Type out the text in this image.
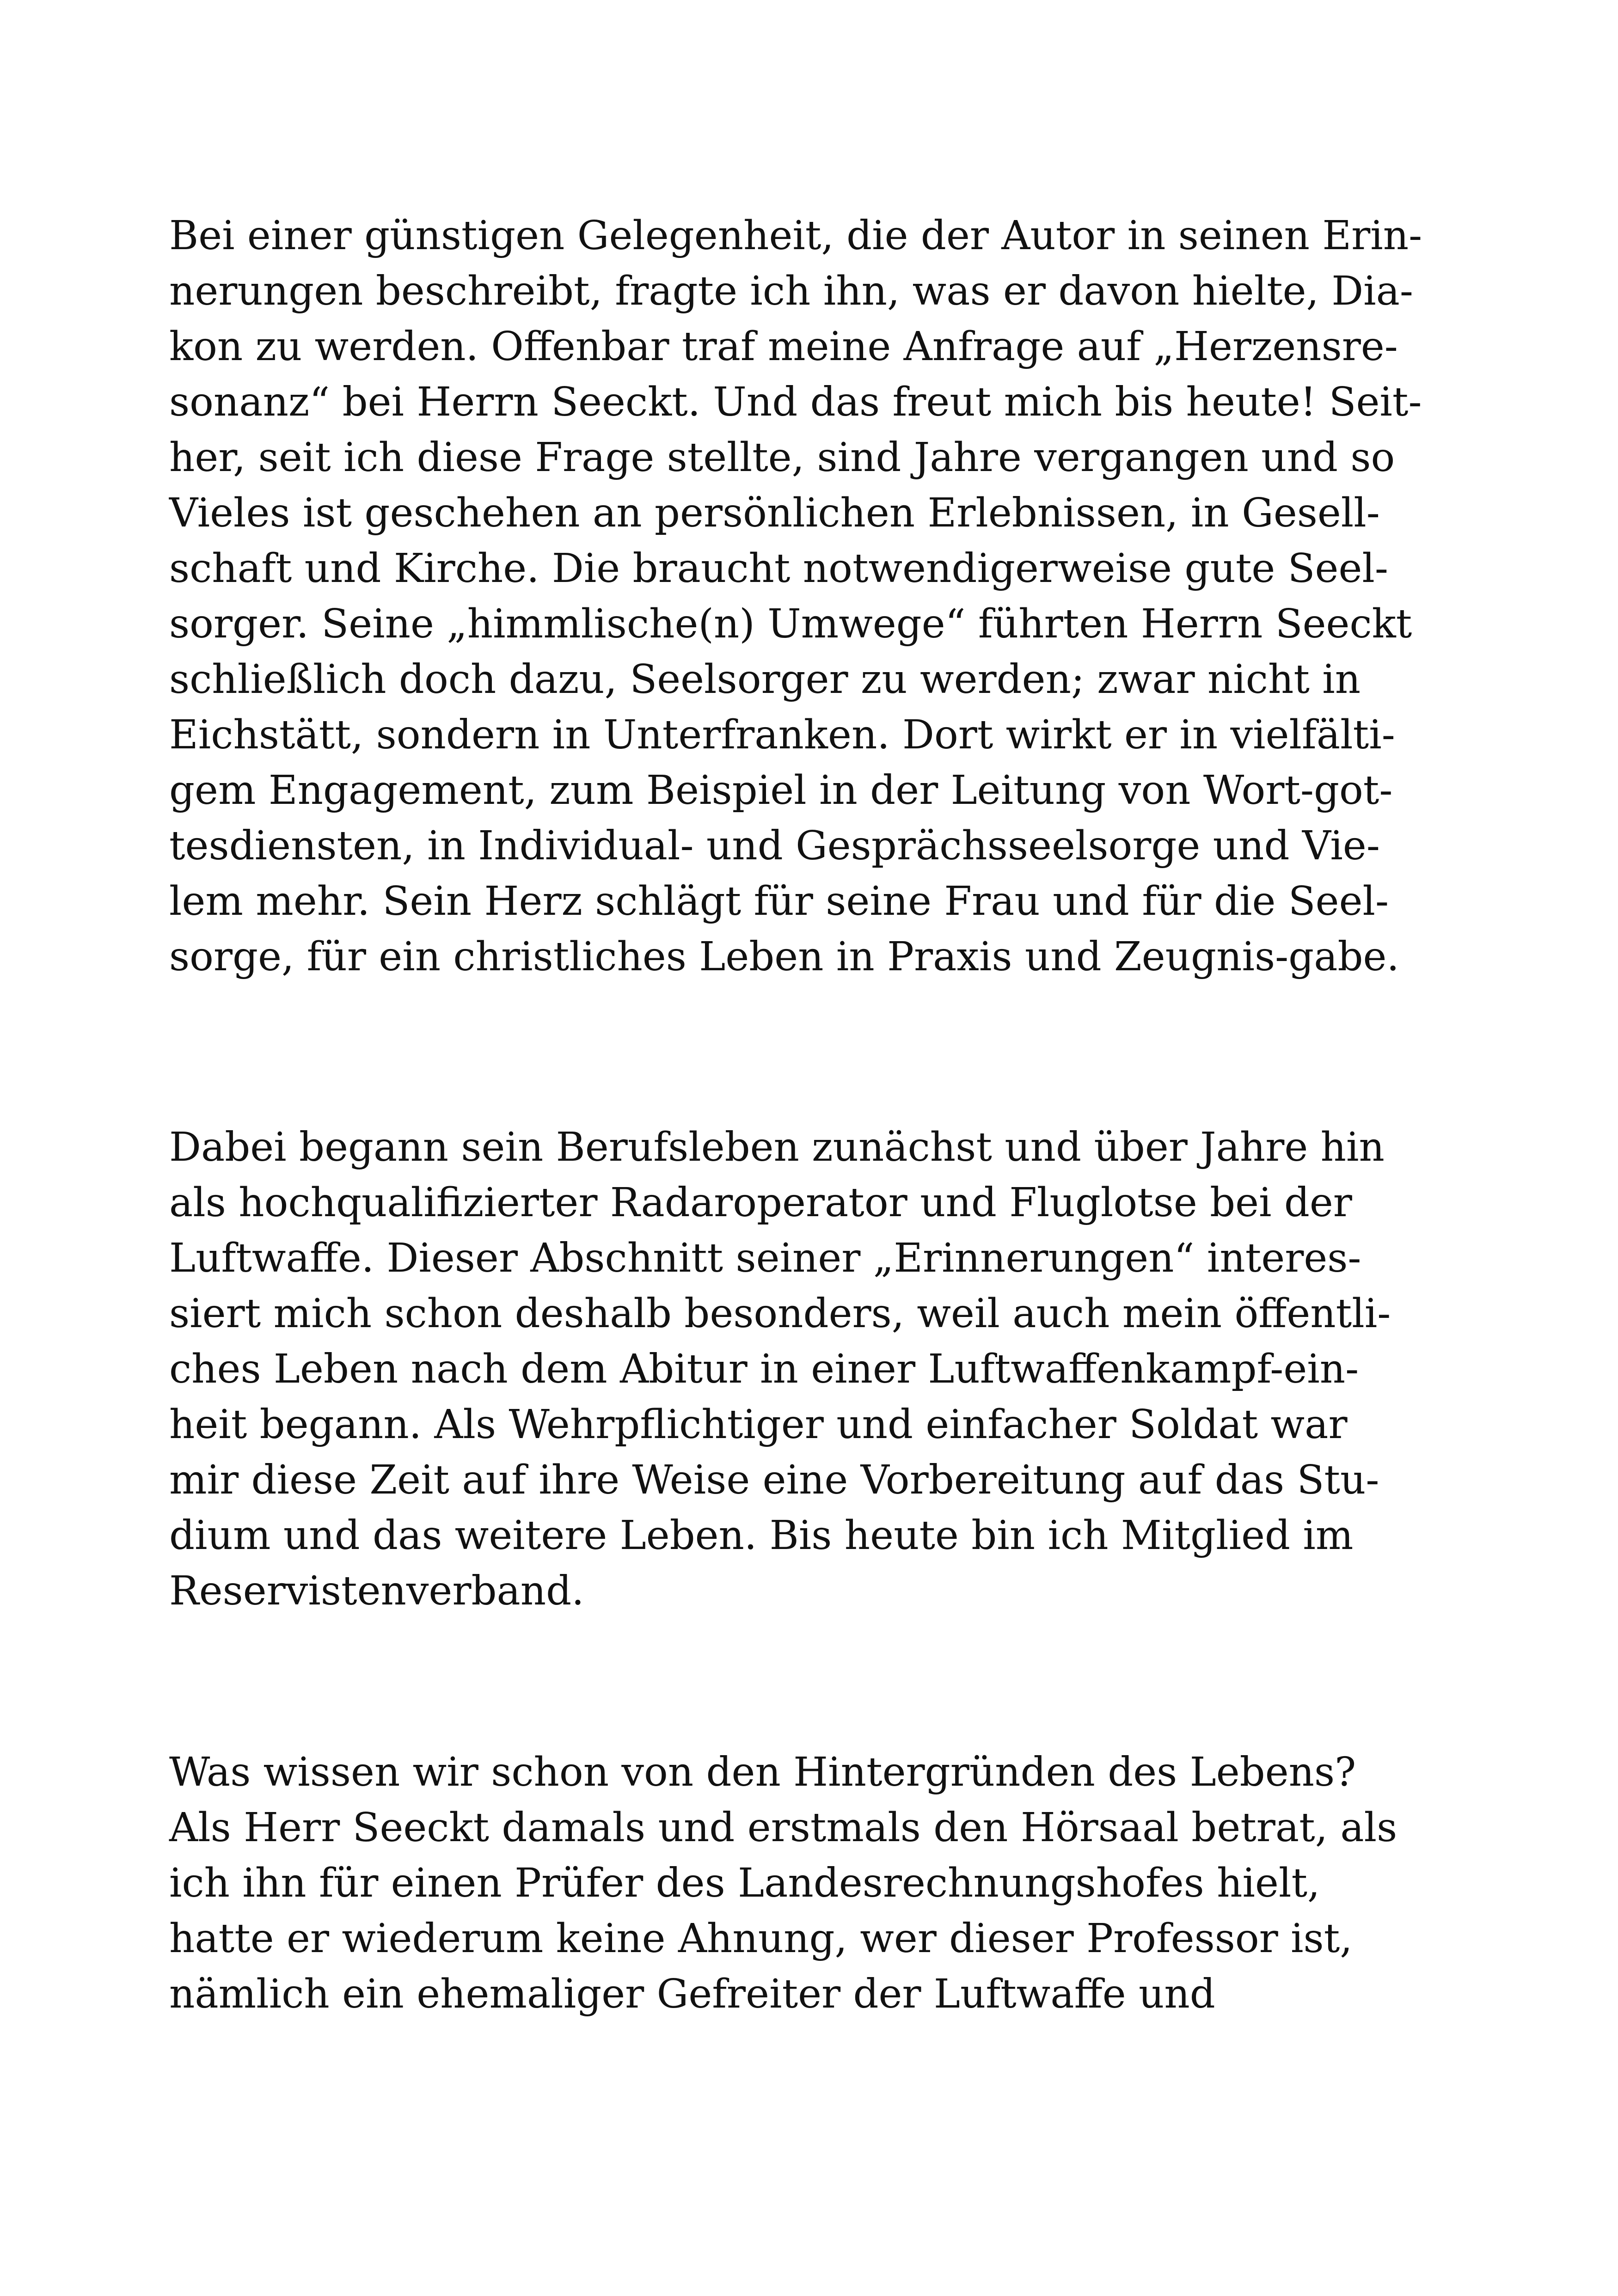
Bei einer günstigen Gelegenheit, die der Autor in seinen Erin-
nerungen beschreibt, fragte ich ihn, was er davon hielte, Dia-
kon zu werden. Offenbar traf meine Anfrage auf „Herzensre-
sonanz“ bei Herrn Seeckt. Und das freut mich bis heute! Seit-
her, seit ich diese Frage stellte, sind Jahre vergangen und so
Vieles ist geschehen an persönlichen Erlebnissen, in Gesell-
schaft und Kirche. Die braucht notwendigerweise gute Seel-
sorger. Seine „himmlische(n) Umwege“ führten Herrn Seeckt
schließlich doch dazu, Seelsorger zu werden; zwar nicht in
Eichstätt, sondern in Unterfranken. Dort wirkt er in vielfälti-
gem Engagement, zum Beispiel in der Leitung von Wort-got-
tesdiensten, in Individual- und Gesprächsseelsorge und Vie-
lem mehr. Sein Herz schlägt für seine Frau und für die Seel-
sorge, für ein christliches Leben in Praxis und Zeugnis-gabe.
Dabei begann sein Berufsleben zunächst und über Jahre hin
als hochqualifizierter Radaroperator und Fluglotse bei der
Luftwaffe. Dieser Abschnitt seiner „Erinnerungen“ interes-
siert mich schon deshalb besonders, weil auch mein öffentli-
ches Leben nach dem Abitur in einer Luftwaffenkampf-ein-
heit begann. Als Wehrpflichtiger und einfacher Soldat war
mir diese Zeit auf ihre Weise eine Vorbereitung auf das Stu-
dium und das weitere Leben. Bis heute bin ich Mitglied im
Reservistenverband.
Was wissen wir schon von den Hintergründen des Lebens?
Als Herr Seeckt damals und erstmals den Hörsaal betrat, als
ich ihn für einen Prüfer des Landesrechnungshofes hielt,
hatte er wiederum keine Ahnung, wer dieser Professor ist,
nämlich ein ehemaliger Gefreiter der Luftwaffe und
